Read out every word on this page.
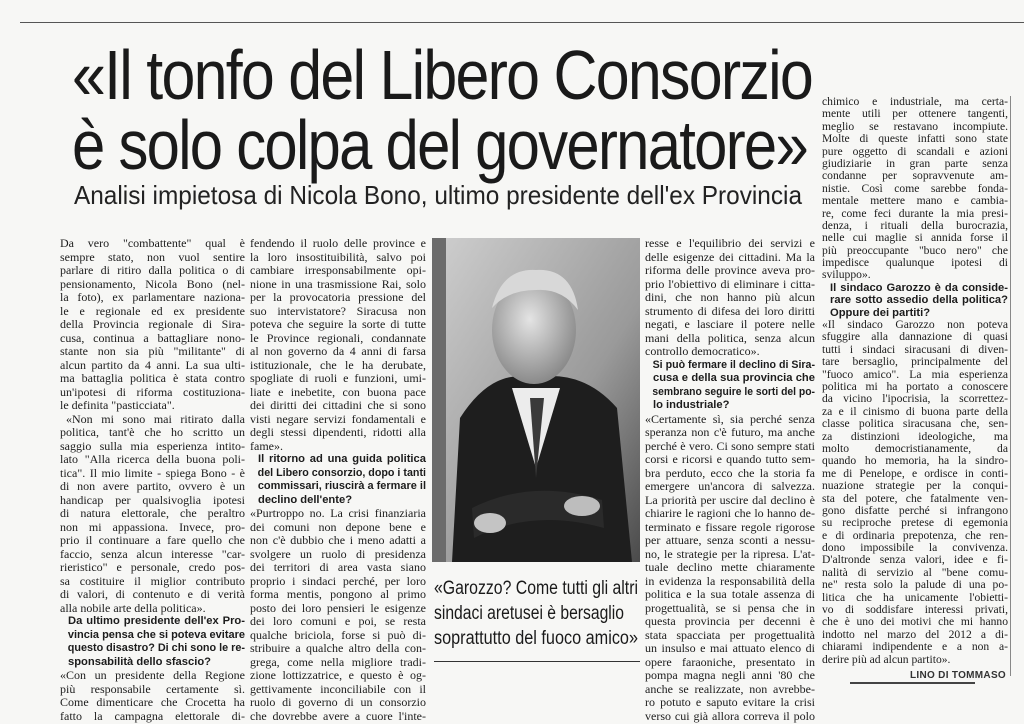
«Il tonfo del Libero Consorzio
è solo colpa del governatore»
Analisi impietosa di Nicola Bono, ultimo presidente dell'ex Provincia
Da vero "combattente" qual è
sempre stato, non vuol sentire
parlare di ritiro dalla politica o di
pensionamento, Nicola Bono (nel-
la foto), ex parlamentare naziona-
le e regionale ed ex presidente
della Provincia regionale di Sira-
cusa, continua a battagliare nono-
stante non sia più "militante" di
alcun partito da 4 anni. La sua ulti-
ma battaglia politica è stata contro
un'ipotesi di riforma costituziona-
le definita "pasticciata".
«Non mi sono mai ritirato dalla
politica, tant'è che ho scritto un
saggio sulla mia esperienza intito-
lato "Alla ricerca della buona poli-
tica". Il mio limite - spiega Bono - è
di non avere partito, ovvero è un
handicap per qualsivoglia ipotesi
di natura elettorale, che peraltro
non mi appassiona. Invece, pro-
prio il continuare a fare quello che
faccio, senza alcun interesse "car-
rieristico" e personale, credo pos-
sa costituire il miglior contributo
di valori, di contenuto e di verità
alla nobile arte della politica».
Da ultimo presidente dell'ex Pro-
vincia pensa che si poteva evitare
questo disastro? Di chi sono le re-
sponsabilità dello sfascio?
«Con un presidente della Regione
più responsabile certamente sì.
Come dimenticare che Crocetta ha
fatto la campagna elettorale di-
fendendo il ruolo delle province e
la loro insostituibilità, salvo poi
cambiare irresponsabilmente opi-
nione in una trasmissione Rai, solo
per la provocatoria pressione del
suo intervistatore? Siracusa non
poteva che seguire la sorte di tutte
le Province regionali, condannate
al non governo da 4 anni di farsa
istituzionale, che le ha derubate,
spogliate di ruoli e funzioni, umi-
liate e inebetite, con buona pace
dei diritti dei cittadini che si sono
visti negare servizi fondamentali e
degli stessi dipendenti, ridotti alla
fame».
Il ritorno ad una guida politica
del Libero consorzio, dopo i tanti
commissari, riuscirà a fermare il
declino dell'ente?
«Purtroppo no. La crisi finanziaria
dei comuni non depone bene e
non c'è dubbio che i meno adatti a
svolgere un ruolo di presidenza
dei territori di area vasta siano
proprio i sindaci perché, per loro
forma mentis, pongono al primo
posto dei loro pensieri le esigenze
dei loro comuni e poi, se resta
qualche briciola, forse si può di-
stribuire a qualche altro della con-
grega, come nella migliore tradi-
zione lottizzatrice, e questo è og-
gettivamente inconciliabile con il
ruolo di governo di un consorzio
che dovrebbe avere a cuore l'inte-
«Garozzo? Come tutti gli altri
sindaci aretusei è bersaglio
soprattutto del fuoco amico»
resse e l'equilibrio dei servizi e
delle esigenze dei cittadini. Ma la
riforma delle province aveva pro-
prio l'obiettivo di eliminare i citta-
dini, che non hanno più alcun
strumento di difesa dei loro diritti
negati, e lasciare il potere nelle
mani della politica, senza alcun
controllo democratico».
Si può fermare il declino di Sira-
cusa e della sua provincia che
sembrano seguire le sorti del po-
lo industriale?
«Certamente sì, sia perché senza
speranza non c'è futuro, ma anche
perché è vero. Ci sono sempre stati
corsi e ricorsi e quando tutto sem-
bra perduto, ecco che la storia fa
emergere un'ancora di salvezza.
La priorità per uscire dal declino è
chiarire le ragioni che lo hanno de-
terminato e fissare regole rigorose
per attuare, senza sconti a nessu-
no, le strategie per la ripresa. L'at-
tuale declino mette chiaramente
in evidenza la responsabilità della
politica e la sua totale assenza di
progettualità, se si pensa che in
questa provincia per decenni è
stata spacciata per progettualità
un insulso e mai attuato elenco di
opere faraoniche, presentato in
pompa magna negli anni '80 che
anche se realizzate, non avrebbe-
ro potuto e saputo evitare la crisi
verso cui già allora correva il polo
chimico e industriale, ma certa-
mente utili per ottenere tangenti,
meglio se restavano incompiute.
Molte di queste infatti sono state
pure oggetto di scandali e azioni
giudiziarie in gran parte senza
condanne per sopravvenute am-
nistie. Così come sarebbe fonda-
mentale mettere mano e cambia-
re, come feci durante la mia presi-
denza, i rituali della burocrazia,
nelle cui maglie si annida forse il
più preoccupante "buco nero" che
impedisce qualunque ipotesi di
sviluppo».
Il sindaco Garozzo è da conside-
rare sotto assedio della politica?
Oppure dei partiti?
«Il sindaco Garozzo non poteva
sfuggire alla dannazione di quasi
tutti i sindaci siracusani di diven-
tare bersaglio, principalmente del
"fuoco amico". La mia esperienza
politica mi ha portato a conoscere
da vicino l'ipocrisia, la scorrettez-
za e il cinismo di buona parte della
classe politica siracusana che, sen-
za distinzioni ideologiche, ma
molto democristianamente, da
quando ho memoria, ha la sindro-
me di Penelope, e ordisce in conti-
nuazione strategie per la conqui-
sta del potere, che fatalmente ven-
gono disfatte perché si infrangono
su reciproche pretese di egemonia
e di ordinaria prepotenza, che ren-
dono impossibile la convivenza.
D'altronde senza valori, idee e fi-
nalità di servizio al "bene comu-
ne" resta solo la palude di una po-
litica che ha unicamente l'obietti-
vo di soddisfare interessi privati,
che è uno dei motivi che mi hanno
indotto nel marzo del 2012 a di-
chiarami indipendente e a non a-
derire più ad alcun partito».
LINO DI TOMMASO
